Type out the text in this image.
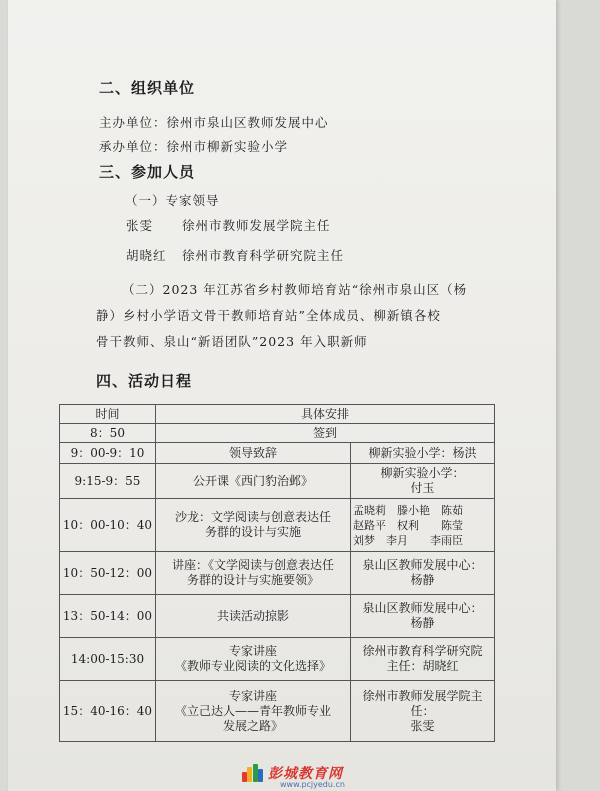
二、组织单位
主办单位：徐州市泉山区教师发展中心
承办单位：徐州市柳新实验小学
三、参加人员
（一）专家领导
张雯 徐州市教师发展学院主任
胡晓红 徐州市教育科学研究院主任
（二）2023 年江苏省乡村教师培育站“徐州市泉山区（杨
静）乡村小学语文骨干教师培育站”全体成员、柳新镇各校
骨干教师、泉山“新语团队”2023 年入职新师
四、活动日程
时间	具体安排	
8：50	签到	
9：00-9：10	领导致辞	柳新实验小学：杨洪
9:15-9：55	公开课《西门豹治邺》	柳新实验小学：
付玉
10：00-10：40	沙龙：文学阅读与创意表达任
务群的设计与实施	孟晓莉　滕小艳　陈茹
赵路平　权利　　陈莹
刘梦　李月　　李雨臣
10：50-12：00	讲座：《文学阅读与创意表达任
务群的设计与实施要领》	泉山区教师发展中心：
杨静
13：50-14：00	共读活动掠影	泉山区教师发展中心：
杨静
14:00-15:30	专家讲座
《教师专业阅读的文化选择》	徐州市教育科学研究院
主任：胡晓红
15：40-16：40	专家讲座
《立己达人——青年教师专业
发展之路》	徐州市教师发展学院主任：
张雯
彭城教育网
www.pcjyedu.cn
